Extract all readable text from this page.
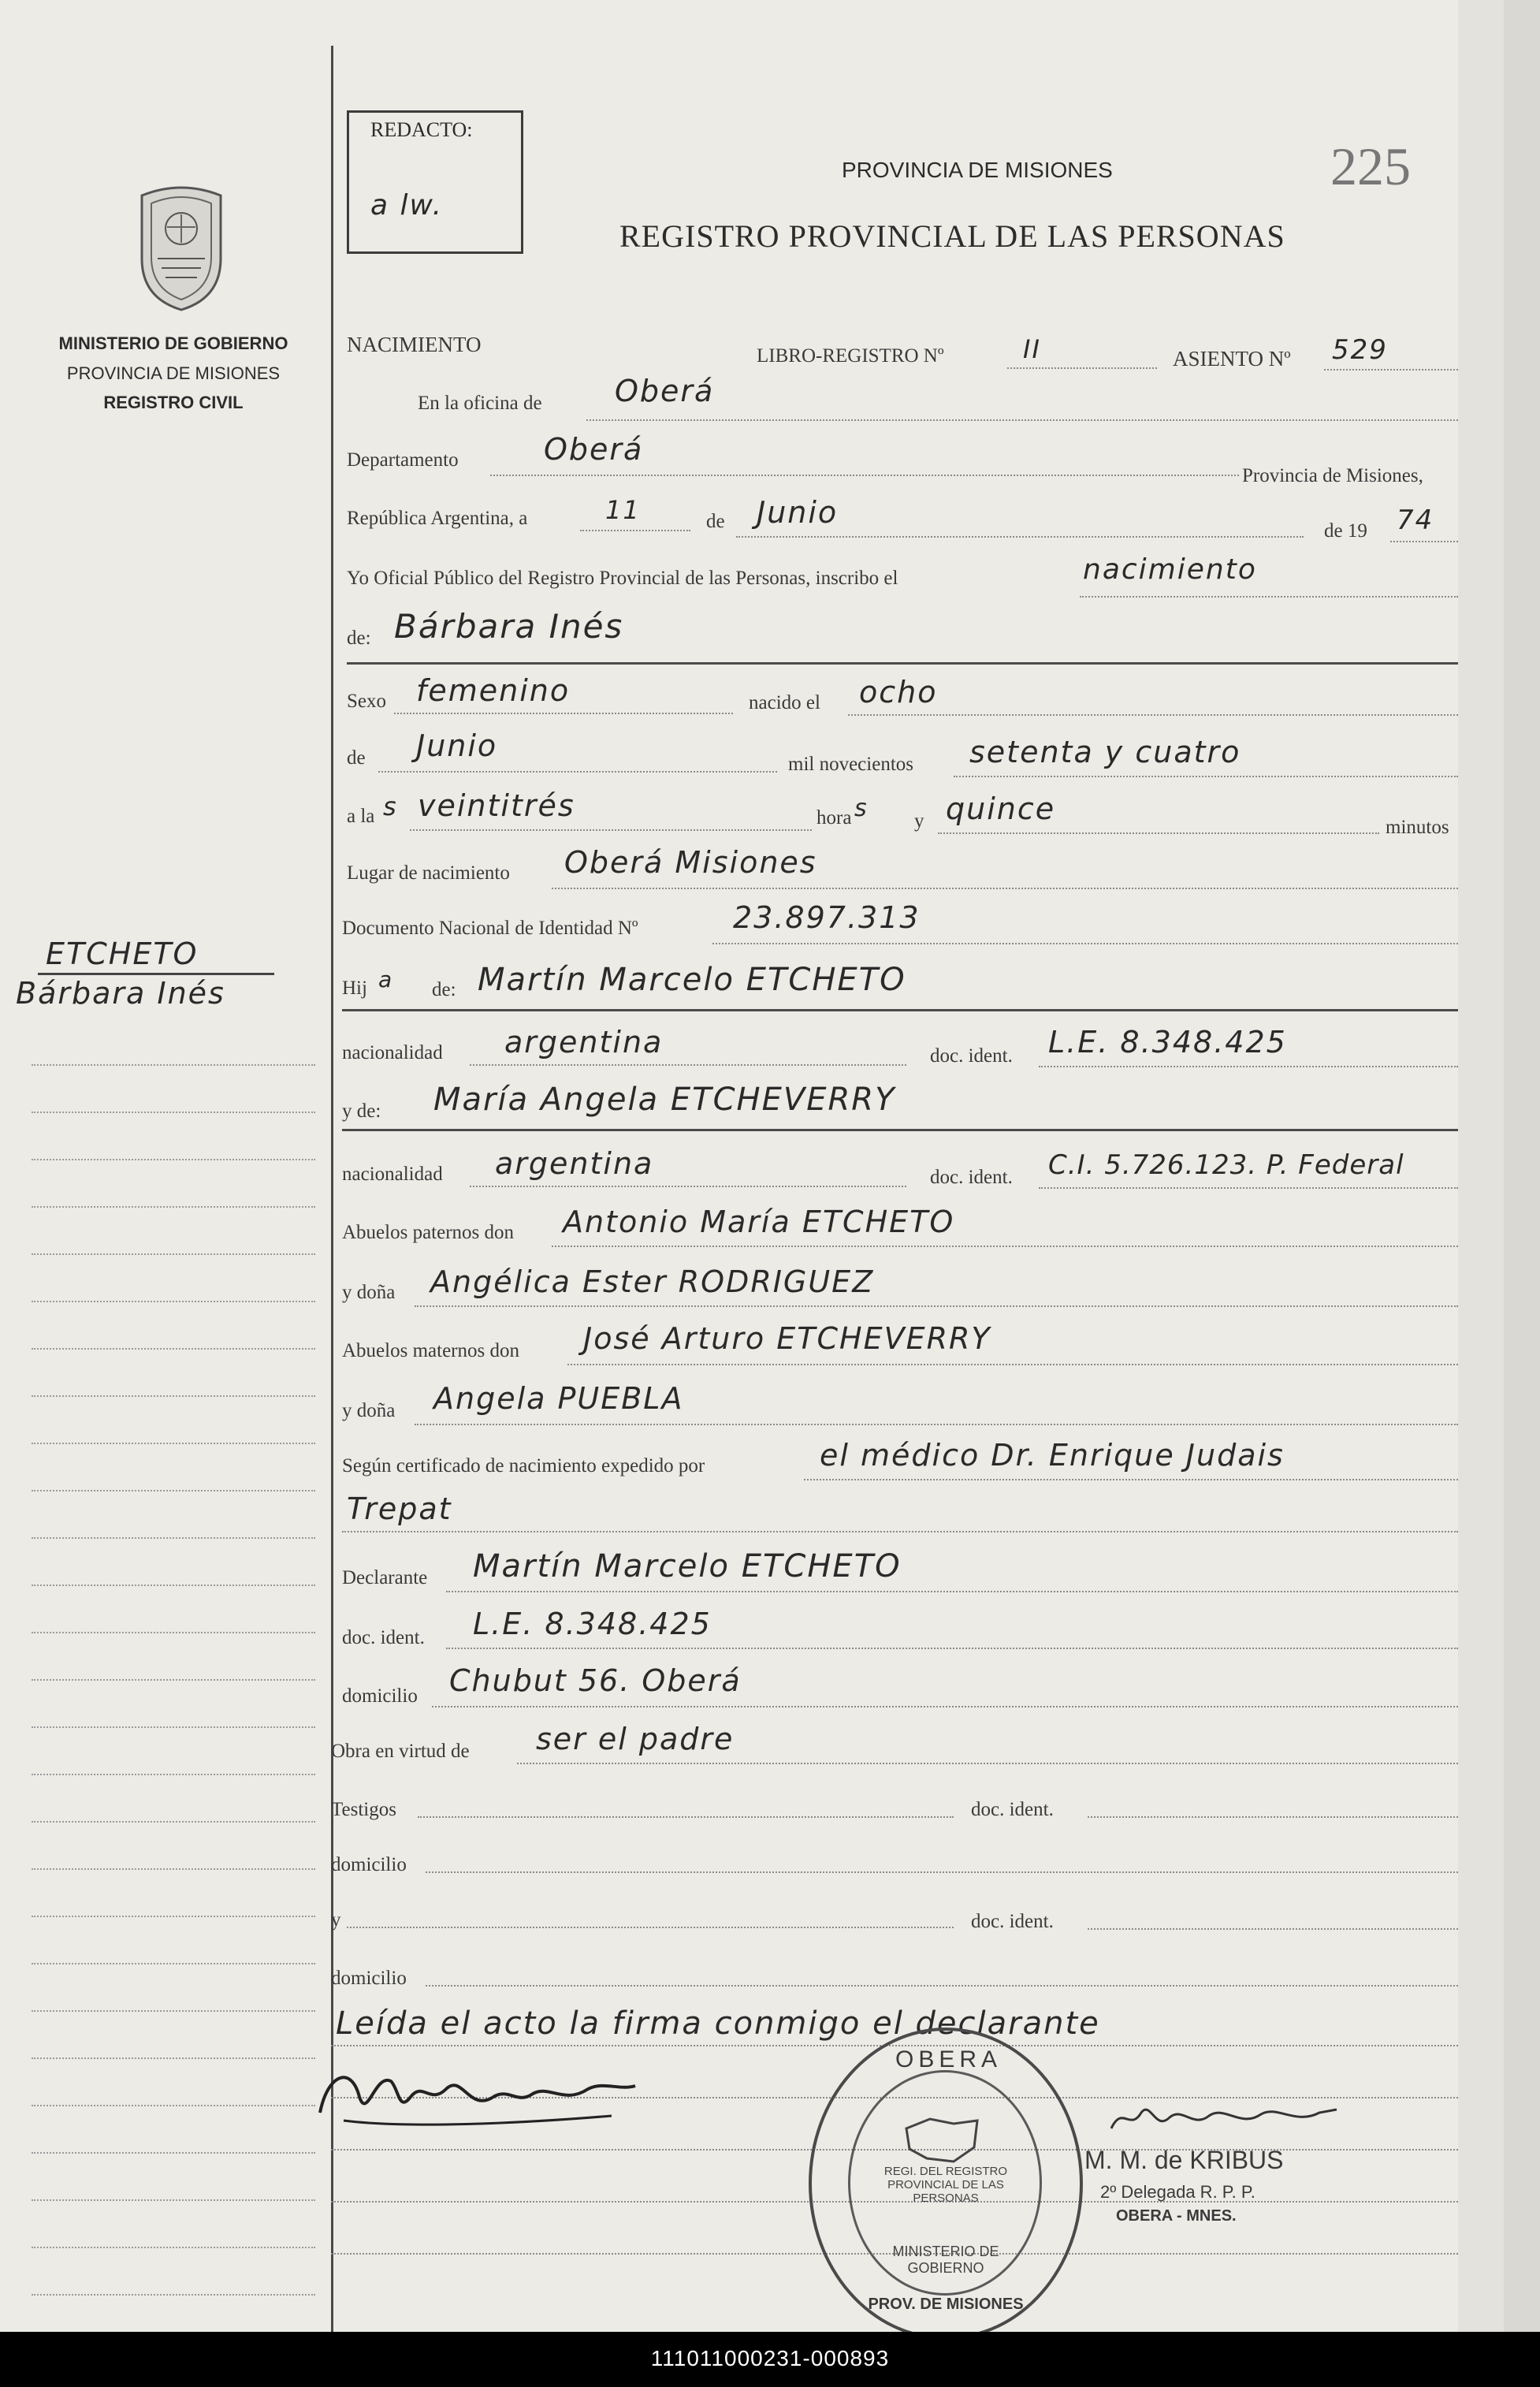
MINISTERIO DE GOBIERNO
PROVINCIA DE MISIONES
REGISTRO CIVIL
ETCHETO
Bárbara Inés
REDACTO:
a lw.
PROVINCIA DE MISIONES	225
REGISTRO PROVINCIAL DE LAS PERSONAS
NACIMIENTO	LIBRO-REGISTRO Nº	II	ASIENTO Nº 529
En la oficina de Oberá
Departamento	Oberá
Provincia de Misiones,
República Argentina, a	11	de Junio
de 19 74
Yo Oficial Público del Registro Provincial de las Personas, inscribo el	nacimiento
de: Bárbara Inés
Sexo femenino	nacido el ocho
de Junio
mil novecientos setenta y cuatro
a la s veintitrés	hora s y quince
minutos
Lugar de nacimiento Oberá Misiones
Documento Nacional de Identidad Nº	23.897.313
Hij a de: Martín Marcelo ETCHETO
nacionalidad argentina	doc. ident. L.E. 8.348.425
y de: María Angela ETCHEVERRY
nacionalidad argentina	doc. ident. C.I. 5.726.123. P. Federal
Abuelos paternos don Antonio María ETCHETO
y doña Angélica Ester RODRIGUEZ
Abuelos maternos don José Arturo ETCHEVERRY
y doña Angela PUEBLA
Según certificado de nacimiento expedido por	el médico Dr. Enrique Judais
Trepat
Declarante Martín Marcelo ETCHETO
doc. ident. L.E. 8.348.425
domicilio Chubut 56. Oberá
Obra en virtud de ser el padre
Testigos	doc. ident.
domicilio
y	doc. ident.
domicilio
Leída el acto la firma conmigo el declarante
OBERA
REGI. DEL REGISTRO PROVINCIAL DE LAS PERSONAS
MINISTERIO DE GOBIERNO
PROV. DE MISIONES
M. M. de KRIBUS
2º Delegada R. P. P.
OBERA - MNES.
111011000231-000893
